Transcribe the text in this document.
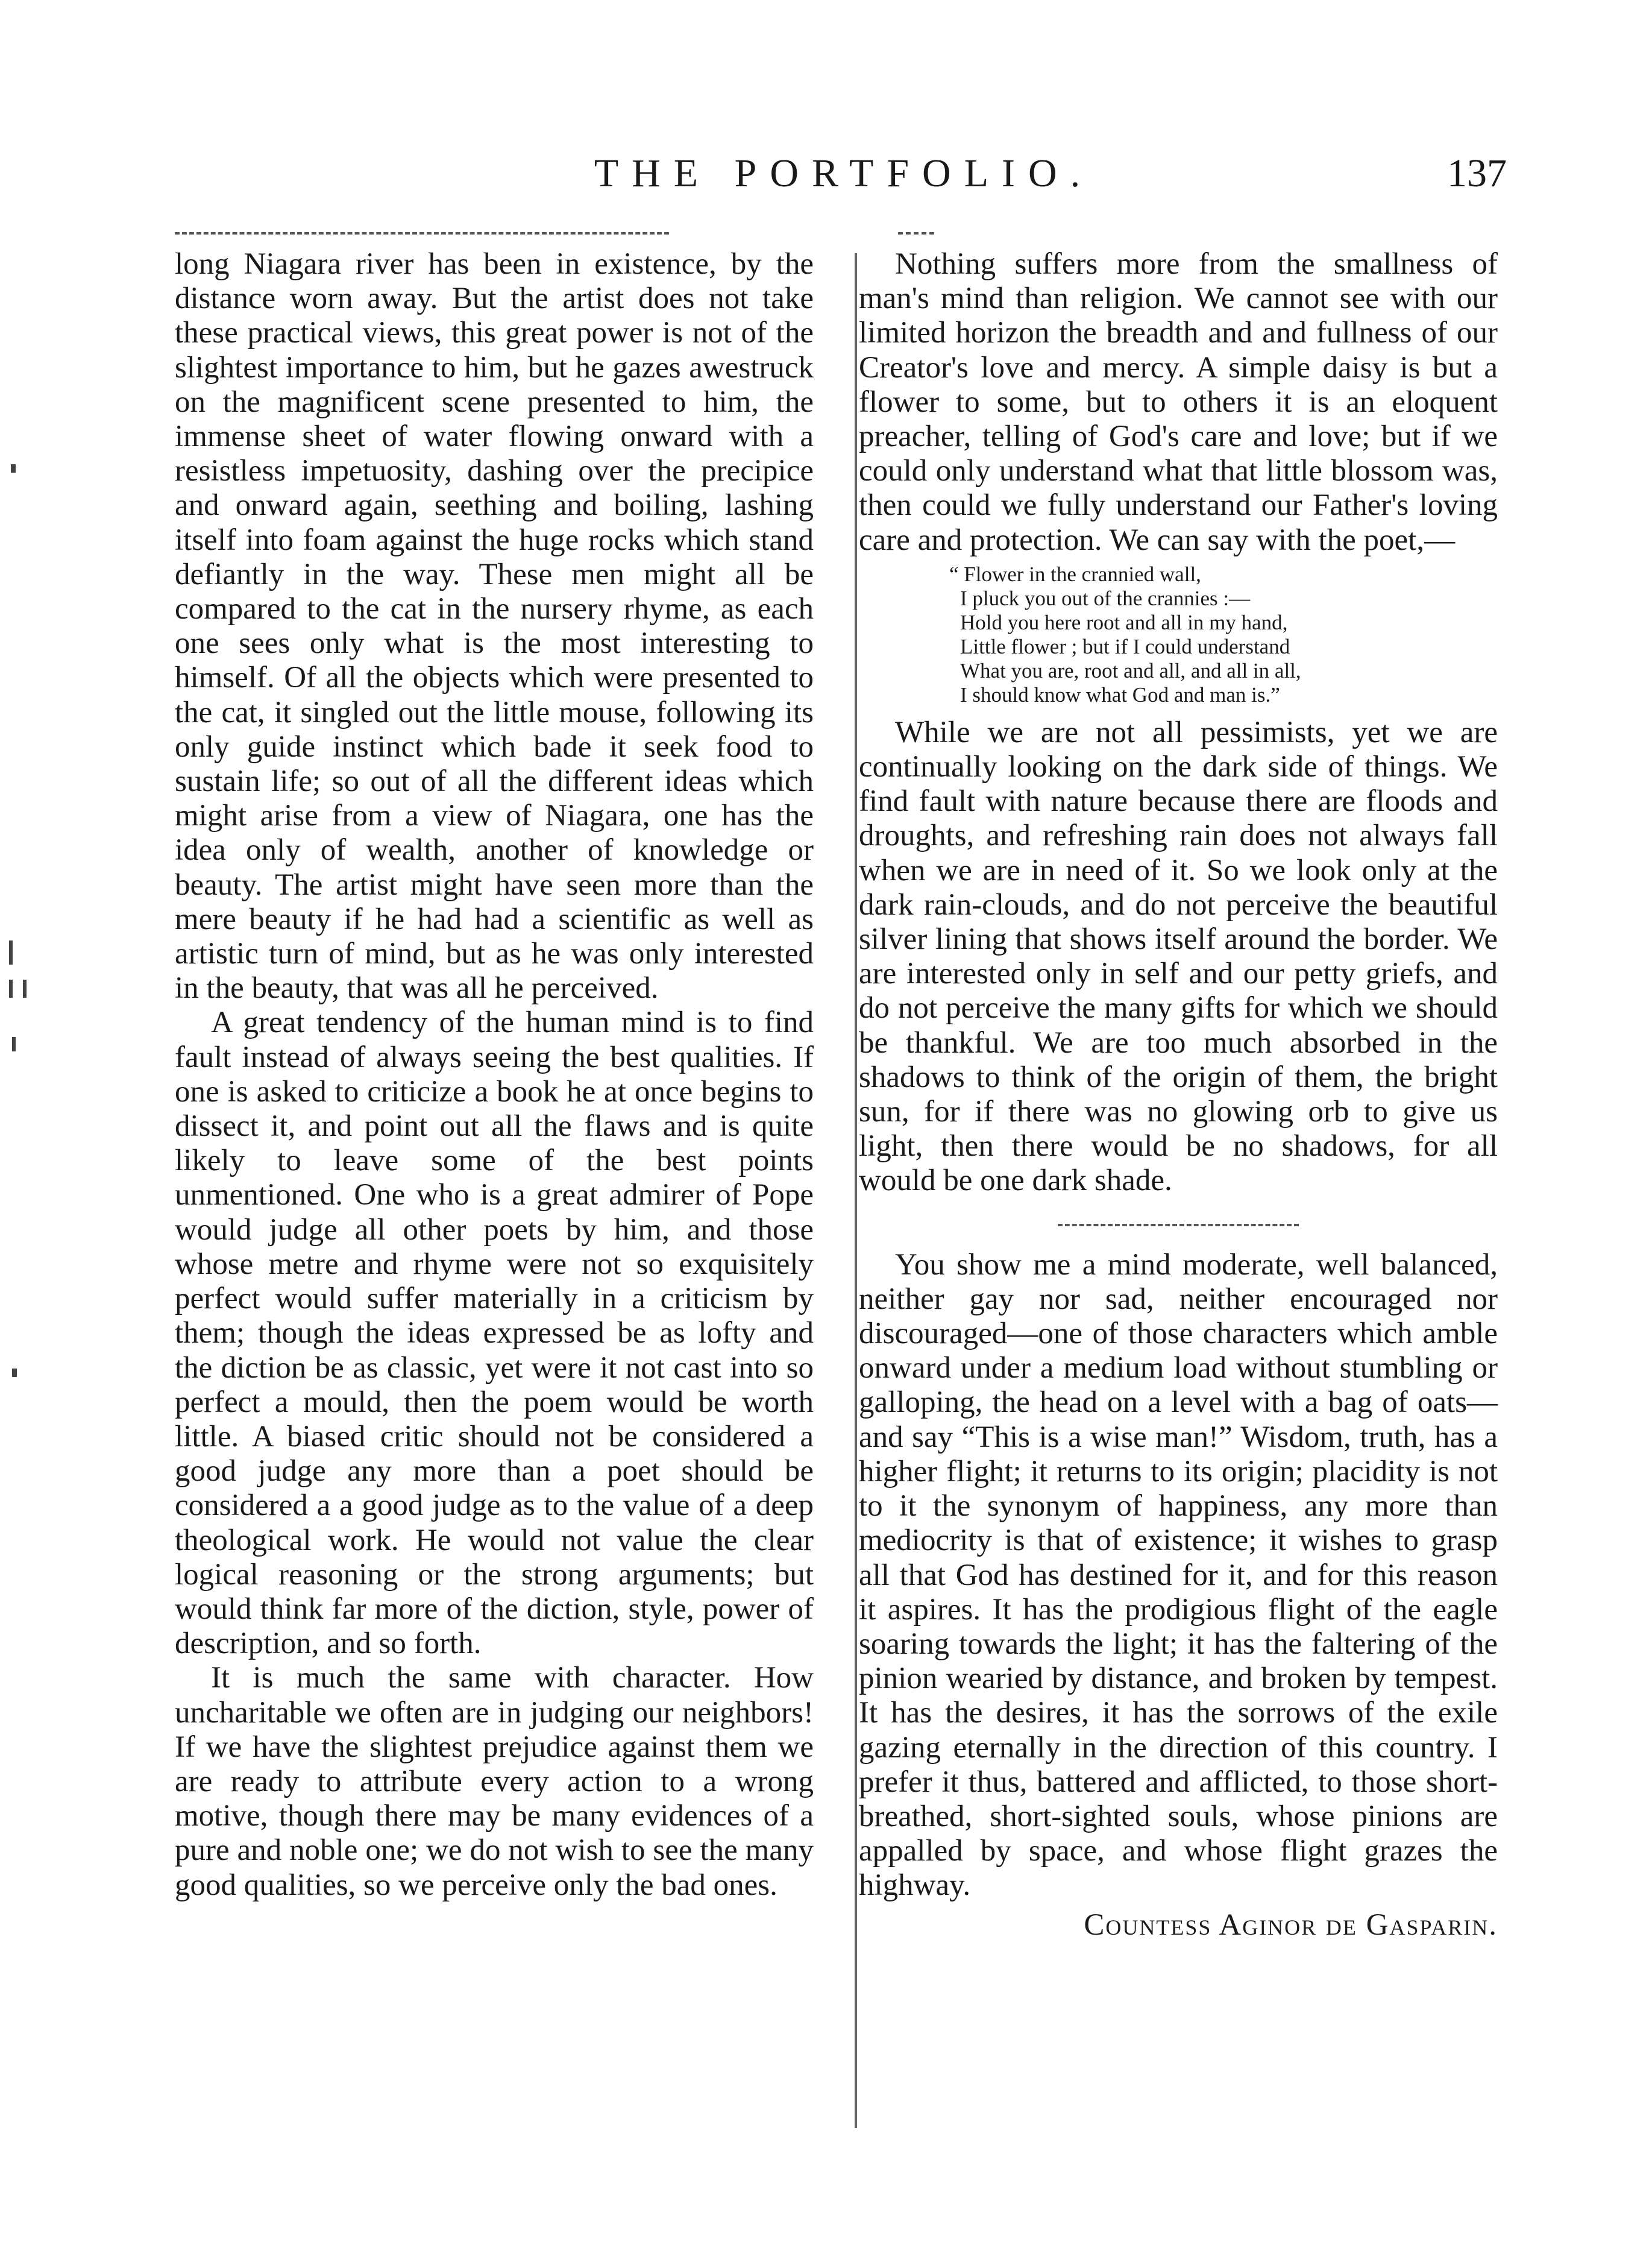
THE PORTFOLIO.	137

long Niagara river has been in existence, by the distance worn away. But the artist does not take these practical views, this great power is not of the slightest importance to him, but he gazes awestruck on the magnificent scene presented to him, the immense sheet of water flowing onward with a resistless impetuosity, dashing over the precipice and onward again, seething and boiling, lashing itself into foam against the huge rocks which stand defiantly in the way. These men might all be compared to the cat in the nursery rhyme, as each one sees only what is the most interesting to himself. Of all the objects which were presented to the cat, it singled out the little mouse, following its only guide instinct which bade it seek food to sustain life; so out of all the different ideas which might arise from a view of Niagara, one has the idea only of wealth, another of knowledge or beauty. The artist might have seen more than the mere beauty if he had had a scientific as well as artistic turn of mind, but as he was only interested in the beauty, that was all he perceived.

A great tendency of the human mind is to find fault instead of always seeing the best qualities. If one is asked to criticize a book he at once begins to dissect it, and point out all the flaws and is quite likely to leave some of the best points unmentioned. One who is a great admirer of Pope would judge all other poets by him, and those whose metre and rhyme were not so exquisitely perfect would suffer materially in a criticism by them; though the ideas expressed be as lofty and the diction be as classic, yet were it not cast into so perfect a mould, then the poem would be worth little. A biased critic should not be considered a good judge any more than a poet should be considered a a good judge as to the value of a deep theological work. He would not value the clear logical reasoning or the strong arguments; but would think far more of the diction, style, power of description, and so forth.

It is much the same with character. How uncharitable we often are in judging our neighbors! If we have the slightest prejudice against them we are ready to attribute every action to a wrong motive, though there may be many evidences of a pure and noble one; we do not wish to see the many good qualities, so we perceive only the bad ones.

Nothing suffers more from the smallness of man's mind than religion. We cannot see with our limited horizon the breadth and and fullness of our Creator's love and mercy. A simple daisy is but a flower to some, but to others it is an eloquent preacher, telling of God's care and love; but if we could only understand what that little blossom was, then could we fully understand our Father's loving care and protection. We can say with the poet,—

“ Flower in the crannied wall,
I pluck you out of the crannies :—
Hold you here root and all in my hand,
Little flower ; but if I could understand
What you are, root and all, and all in all,
I should know what God and man is.”

While we are not all pessimists, yet we are continually looking on the dark side of things. We find fault with nature because there are floods and droughts, and refreshing rain does not always fall when we are in need of it. So we look only at the dark rain-clouds, and do not perceive the beautiful silver lining that shows itself around the border. We are interested only in self and our petty griefs, and do not perceive the many gifts for which we should be thankful. We are too much absorbed in the shadows to think of the origin of them, the bright sun, for if there was no glowing orb to give us light, then there would be no shadows, for all would be one dark shade.

You show me a mind moderate, well balanced, neither gay nor sad, neither encouraged nor discouraged—one of those characters which amble onward under a medium load without stumbling or galloping, the head on a level with a bag of oats—and say “This is a wise man!” Wisdom, truth, has a higher flight; it returns to its origin; placidity is not to it the synonym of happiness, any more than mediocrity is that of existence; it wishes to grasp all that God has destined for it, and for this reason it aspires. It has the prodigious flight of the eagle soaring towards the light; it has the faltering of the pinion wearied by distance, and broken by tempest. It has the desires, it has the sorrows of the exile gazing eternally in the direction of this country. I prefer it thus, battered and afflicted, to those short-breathed, short-sighted souls, whose pinions are appalled by space, and whose flight grazes the highway.

Countess Aginor de Gasparin.
